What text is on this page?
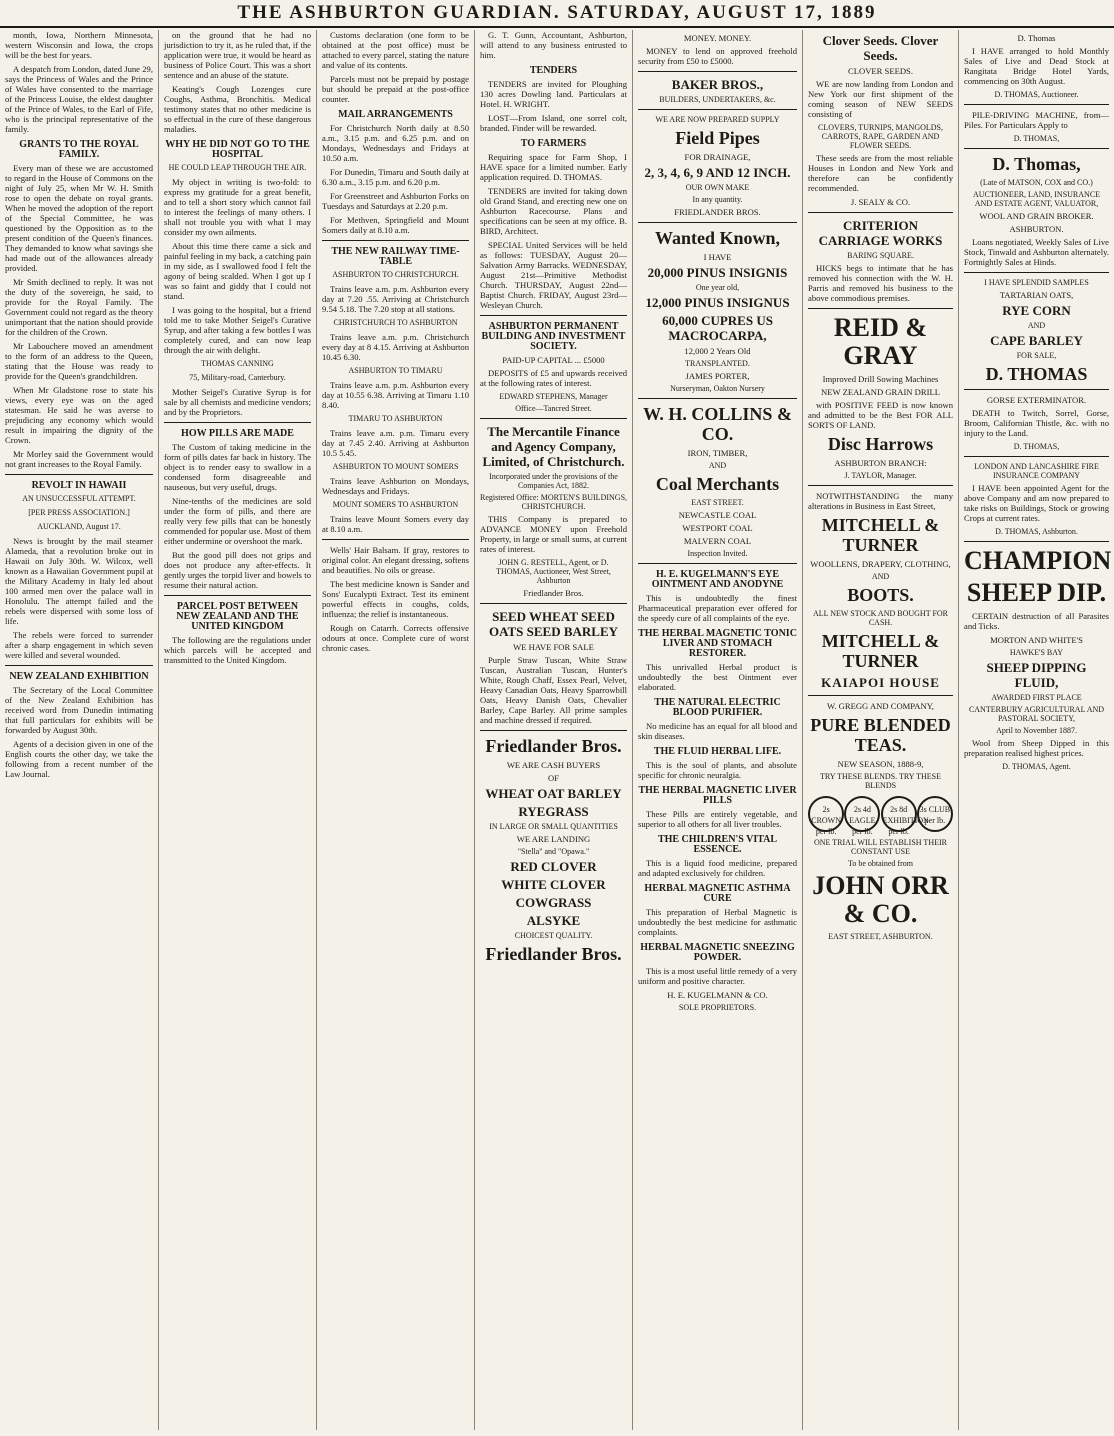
THE ASHBURTON GUARDIAN. SATURDAY, AUGUST 17, 1889

month, Iowa, Northern Minnesota, western Wisconsin and Iowa, the crops will be the best for years.

A despatch from London, dated June 29, says the Princess of Wales and the Prince of Wales have consented to the marriage of the Princess Louise, the eldest daughter of the Prince of Wales, to the Earl of Fife, who is the principal representative of the family.

GRANTS TO THE ROYAL FAMILY.

Every man of these we are accustomed to regard in the House of Commons on the night of July 25, when Mr W. H. Smith rose to open the debate on royal grants. When he moved the adoption of the report of the Special Committee, he was questioned by the Opposition as to the present condition of the Queen's finances. They demanded to know what savings she had made out of the allowances already provided.

Mr Smith declined to reply. It was not the duty of the sovereign, he said, to provide for the Royal Family. The Government could not regard as the theory unimportant that the nation should provide for the children of the Crown.

Mr Labouchere moved an amendment to the form of an address to the Queen, stating that the House was ready to provide for the Queen's grandchildren.

When Mr Gladstone rose to state his views, every eye was on the aged statesman. He said he was averse to prejudicing any economy which would result in impairing the dignity of the Crown.

Mr Morley said the Government would not grant increases to the Royal Family.

REVOLT IN HAWAII
AN UNSUCCESSFUL ATTEMPT.
[PER PRESS ASSOCIATION.]
AUCKLAND, August 17.

News is brought by the mail steamer Alameda, that a revolution broke out in Hawaii on July 30th. W. Wilcox, well known as a Hawaiian Government pupil at the Military Academy in Italy led about 100 armed men over the palace wall in Honolulu. The attempt failed and the rebels were dispersed with some loss of life.

The rebels were forced to surrender after a sharp engagement in which seven were killed and several wounded.

NEW ZEALAND EXHIBITION

The Secretary of the Local Committee of the New Zealand Exhibition has received word from Dunedin intimating that full particulars for exhibits will be forwarded by August 30th.

Agents of a decision given in one of the English courts the other day, we take the following from a recent number of the Law Journal.

on the ground that he had no jurisdiction to try it, as he ruled that, if the application were true, it would be heard as business of Police Court. This was a short sentence and an abuse of the statute.

Keating's Cough Lozenges cure Coughs, Asthma, Bronchitis. Medical testimony states that no other medicine is so effectual in the cure of these dangerous maladies.

WHY HE DID NOT GO TO THE HOSPITAL
HE COULD LEAP THROUGH THE AIR.

My object in writing is two-fold: to express my gratitude for a great benefit, and to tell a short story which cannot fail to interest the feelings of many others. I shall not trouble you with what I may consider my own ailments.

About this time there came a sick and painful feeling in my back, a catching pain in my side, as I swallowed food I felt the agony of being scalded. When I got up I was so faint and giddy that I could not stand.

I was going to the hospital, but a friend told me to take Mother Seigel's Curative Syrup, and after taking a few bottles I was completely cured, and can now leap through the air with delight.

THOMAS CANNING
75, Military-road, Canterbury.

Mother Seigel's Curative Syrup is for sale by all chemists and medicine vendors; and by the Proprietors.

HOW PILLS ARE MADE

The Custom of taking medicine in the form of pills dates far back in history. The object is to render easy to swallow in a condensed form disagreeable and nauseous, but very useful, drugs.

Nine-tenths of the medicines are sold under the form of pills, and there are really very few pills that can be honestly commended for popular use. Most of them either undermine or overshoot the mark.

But the good pill does not grips and does not produce any after-effects. It gently urges the torpid liver and bowels to resume their natural action.

PARCEL POST BETWEEN NEW ZEALAND AND THE UNITED KINGDOM

The following are the regulations under which parcels will be accepted and transmitted to the United Kingdom.

Customs declaration (one form to be obtained at the post office) must be attached to every parcel, stating the nature and value of its contents.

Parcels must not be prepaid by postage but should be prepaid at the post-office counter.

MAIL ARRANGEMENTS

For Christchurch North daily at 8.50 a.m., 3.15 p.m. and 6.25 p.m. and on Mondays, Wednesdays and Fridays at 10.50 a.m.

For Dunedin, Timaru and South daily at 6.30 a.m., 3.15 p.m. and 6.20 p.m.

For Greenstreet and Ashburton Forks on Tuesdays and Saturdays at 2.20 p.m.

For Methven, Springfield and Mount Somers daily at 8.10 a.m.

THE NEW RAILWAY TIME-TABLE
ASHBURTON TO CHRISTCHURCH.

Trains leave a.m. p.m. Ashburton every day at 7.20 .55. Arriving at Christchurch 9.54 5.18. The 7.20 stop at all stations.

CHRISTCHURCH TO ASHBURTON

Trains leave a.m. p.m. Christchurch every day at 8 4.15. Arriving at Ashburton 10.45 6.30.

ASHBURTON TO TIMARU

Trains leave a.m. p.m. Ashburton every day at 10.55 6.38. Arriving at Timaru 1.10 8.40.

TIMARU TO ASHBURTON

Trains leave a.m. p.m. Timaru every day at 7.45 2.40. Arriving at Ashburton 10.5 5.45.

ASHBURTON TO MOUNT SOMERS

Trains leave Ashburton on Mondays, Wednesdays and Fridays.

MOUNT SOMERS TO ASHBURTON

Trains leave Mount Somers every day at 8.10 a.m.

Wells' Hair Balsam. If gray, restores to original color. An elegant dressing, softens and beautifies. No oils or grease.

The best medicine known is Sander and Sons' Eucalypti Extract. Test its eminent powerful effects in coughs, colds, influenza; the relief is instantaneous.

Rough on Catarrh. Corrects offensive odours at once. Complete cure of worst chronic cases.

G. T. Gunn, Accountant, Ashburton, will attend to any business entrusted to him.

TENDERS

TENDERS are invited for Ploughing 130 acres Dowling land. Particulars at Hotel. H. WRIGHT.

LOST—From Island, one sorrel colt, branded. Finder will be rewarded.

TO FARMERS

Requiring space for Farm Shop, I HAVE space for a limited number. Early application required. D. THOMAS.

TENDERS are invited for taking down old Grand Stand, and erecting new one on Ashburton Racecourse. Plans and specifications can be seen at my office. B. BIRD, Architect.

SPECIAL United Services will be held as follows: TUESDAY, August 20—Salvation Army Barracks. WEDNESDAY, August 21st—Primitive Methodist Church. THURSDAY, August 22nd—Baptist Church. FRIDAY, August 23rd—Wesleyan Church.

ASHBURTON PERMANENT BUILDING AND INVESTMENT SOCIETY.
PAID-UP CAPITAL ... £5000

DEPOSITS of £5 and upwards received at the following rates of interest.

EDWARD STEPHENS, Manager
Office—Tancred Street.
The Mercantile Finance and Agency Company, Limited, of Christchurch.
Incorporated under the provisions of the Companies Act, 1882.
Registered Office: MORTEN'S BUILDINGS, CHRISTCHURCH.

THIS Company is prepared to ADVANCE MONEY upon Freehold Property, in large or small sums, at current rates of interest.

JOHN G. RESTELL, Agent, or D. THOMAS, Auctioneer, West Street, Ashburton
Friedlander Bros.
SEED WHEAT SEED OATS SEED BARLEY
WE HAVE FOR SALE

Purple Straw Tuscan, White Straw Tuscan, Australian Tuscan, Hunter's White, Rough Chaff, Essex Pearl, Velvet, Heavy Canadian Oats, Heavy Sparrowbill Oats, Heavy Danish Oats, Chevalier Barley, Cape Barley. All prime samples and machine dressed if required.

Friedlander Bros.
WE ARE CASH BUYERS
OF
WHEAT OAT BARLEY
RYEGRASS
IN LARGE OR SMALL QUANTITIES
WE ARE LANDING
"Stella" and "Opawa."
RED CLOVER
WHITE CLOVER
COWGRASS
ALSYKE
CHOICEST QUALITY.
Friedlander Bros.
MONEY. MONEY.

MONEY to lend on approved freehold security from £50 to £5000.

BAKER BROS.,
BUILDERS, UNDERTAKERS, &c.
WE ARE NOW PREPARED SUPPLY
Field Pipes
FOR DRAINAGE,
2, 3, 4, 6, 9 AND 12 INCH.
OUR OWN MAKE
In any quantity.
FRIEDLANDER BROS.
Wanted Known,
I HAVE
20,000 PINUS INSIGNIS
One year old,
12,000 PINUS INSIGNUS
60,000 CUPRES US MACROCARPA,
12,000 2 Years Old
TRANSPLANTED.
JAMES PORTER,
Nurseryman, Oakton Nursery
W. H. COLLINS & CO.
IRON, TIMBER,
AND
Coal Merchants
EAST STREET.
NEWCASTLE COAL
WESTPORT COAL
MALVERN COAL
Inspection Invited.
H. E. KUGELMANN'S EYE OINTMENT AND ANODYNE

This is undoubtedly the finest Pharmaceutical preparation ever offered for the speedy cure of all complaints of the eye.

THE HERBAL MAGNETIC TONIC LIVER AND STOMACH RESTORER.

This unrivalled Herbal product is undoubtedly the best Ointment ever elaborated.

THE NATURAL ELECTRIC BLOOD PURIFIER.

No medicine has an equal for all blood and skin diseases.

THE FLUID HERBAL LIFE.

This is the soul of plants, and absolute specific for chronic neuralgia.

THE HERBAL MAGNETIC LIVER PILLS

These Pills are entirely vegetable, and superior to all others for all liver troubles.

THE CHILDREN'S VITAL ESSENCE.

This is a liquid food medicine, prepared and adapted exclusively for children.

HERBAL MAGNETIC ASTHMA CURE

This preparation of Herbal Magnetic is undoubtedly the best medicine for asthmatic complaints.

HERBAL MAGNETIC SNEEZING POWDER.

This is a most useful little remedy of a very uniform and positive character.

H. E. KUGELMANN & CO.
SOLE PROPRIETORS.
Clover Seeds. Clover Seeds.
CLOVER SEEDS.

WE are now landing from London and New York our first shipment of the coming season of NEW SEEDS consisting of

CLOVERS, TURNIPS, MANGOLDS, CARROTS, RAPE, GARDEN AND FLOWER SEEDS.

These seeds are from the most reliable Houses in London and New York and therefore can be confidently recommended.

J. SEALY & CO.
CRITERION CARRIAGE WORKS
BARING SQUARE.

HICKS begs to intimate that he has removed his connection with the W. H. Parris and removed his business to the above commodious premises.

REID & GRAY
Improved Drill Sowing Machines
NEW ZEALAND GRAIN DRILL

with POSITIVE FEED is now known and admitted to be the Best FOR ALL SORTS OF LAND.

Disc Harrows
ASHBURTON BRANCH:
J. TAYLOR, Manager.

NOTWITHSTANDING the many alterations in Business in East Street,

MITCHELL & TURNER
WOOLLENS, DRAPERY, CLOTHING,
AND
BOOTS.
ALL NEW STOCK AND BOUGHT FOR CASH.
MITCHELL & TURNER
KAIAPOI HOUSE
W. GREGG AND COMPANY,
PURE BLENDED TEAS.
NEW SEASON, 1888-9,
TRY THESE BLENDS. TRY THESE BLENDS
2s CROWN per lb.
2s 4d EAGLE per lb.
2s 8d EXHIBITION per lb.
3s CLUB per lb.
ONE TRIAL WILL ESTABLISH THEIR CONSTANT USE
To be obtained from
JOHN ORR & CO.
EAST STREET, ASHBURTON.
D. Thomas

I HAVE arranged to hold Monthly Sales of Live and Dead Stock at Rangitata Bridge Hotel Yards, commencing on 30th August.

D. THOMAS, Auctioneer.

PILE-DRIVING MACHINE, from—Piles. For Particulars Apply to

D. THOMAS,
D. Thomas,
(Late of MATSON, COX and CO.)
AUCTIONEER, LAND, INSURANCE AND ESTATE AGENT, VALUATOR,
WOOL AND GRAIN BROKER.
ASHBURTON.

Loans negotiated, Weekly Sales of Live Stock, Tinwald and Ashburton alternately. Fortnightly Sales at Hinds.

I HAVE SPLENDID SAMPLES
TARTARIAN OATS,
RYE CORN
AND
CAPE BARLEY
FOR SALE,
D. THOMAS
GORSE EXTERMINATOR.

DEATH to Twitch, Sorrel, Gorse, Broom, Californian Thistle, &c. with no injury to the Land.

D. THOMAS,
LONDON AND LANCASHIRE FIRE INSURANCE COMPANY

I HAVE been appointed Agent for the above Company and am now prepared to take risks on Buildings, Stock or growing Crops at current rates.

D. THOMAS, Ashburton.
CHAMPION
SHEEP DIP.

CERTAIN destruction of all Parasites and Ticks.

MORTON AND WHITE'S
HAWKE'S BAY
SHEEP DIPPING FLUID,
AWARDED FIRST PLACE
CANTERBURY AGRICULTURAL AND PASTORAL SOCIETY,
April to November 1887.

Wool from Sheep Dipped in this preparation realised highest prices.

D. THOMAS, Agent.
